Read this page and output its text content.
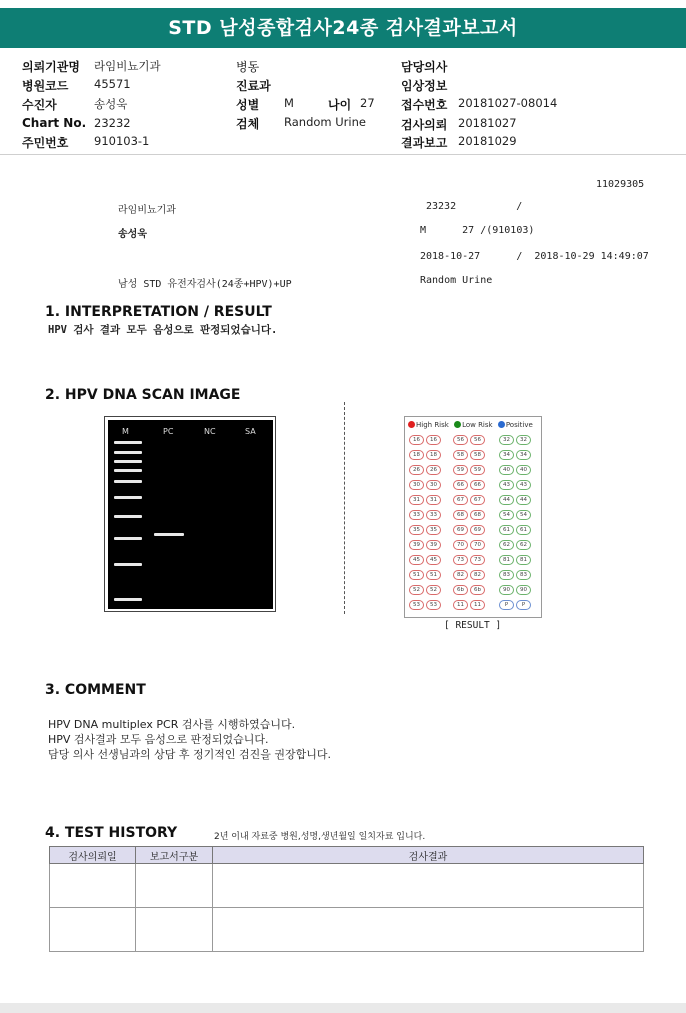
STD 남성종합검사24종 검사결과보고서
의뢰기관명 라임비뇨기과
병원코드 45571
수진자	송성욱
Chart No. 23232
주민번호 910103-1
병동
진료과
성별 M	나이 27
검체 Random Urine
담당의사
임상정보
접수번호 20181027-08014
검사의뢰 20181027
결과보고 20181029
11029305
라임비뇨기과	23232          /
송성욱	M      27 /(910103)
2018-10-27      /  2018-10-29 14:49:07
남성 STD 유전자검사(24종+HPV)+UP	Random Urine
1. INTERPRETATION / RESULT
HPV 검사 결과 모두 음성으로 판정되었습니다.
2. HPV DNA SCAN IMAGE
M	PC	NC	SA
High Risk Low Risk Positive
16	16	56	56	32	32
18	18	58	58	34	34
26	26	59	59	40	40
30	30	66	66	43	43
31	31	67	67	44	44
33	33	68	68	54	54
35	35	69	69	61	61
39	39	70	70	62	62
45	45	73	73	81	81
51	51	82	82	83	83
52	52	6b	6b	90	90
53	53	11	11	P	P
[ RESULT ]
3. COMMENT
HPV DNA multiplex PCR 검사를 시행하였습니다.
HPV 검사결과 모두 음성으로 판정되었습니다.
담당 의사 선생님과의 상담 후 정기적인 검진을 권장합니다.
4. TEST HISTORY	2년 이내 자료중 병원,성명,생년월일 일치자료 입니다.
검사의뢰일	보고서구분	검사결과
